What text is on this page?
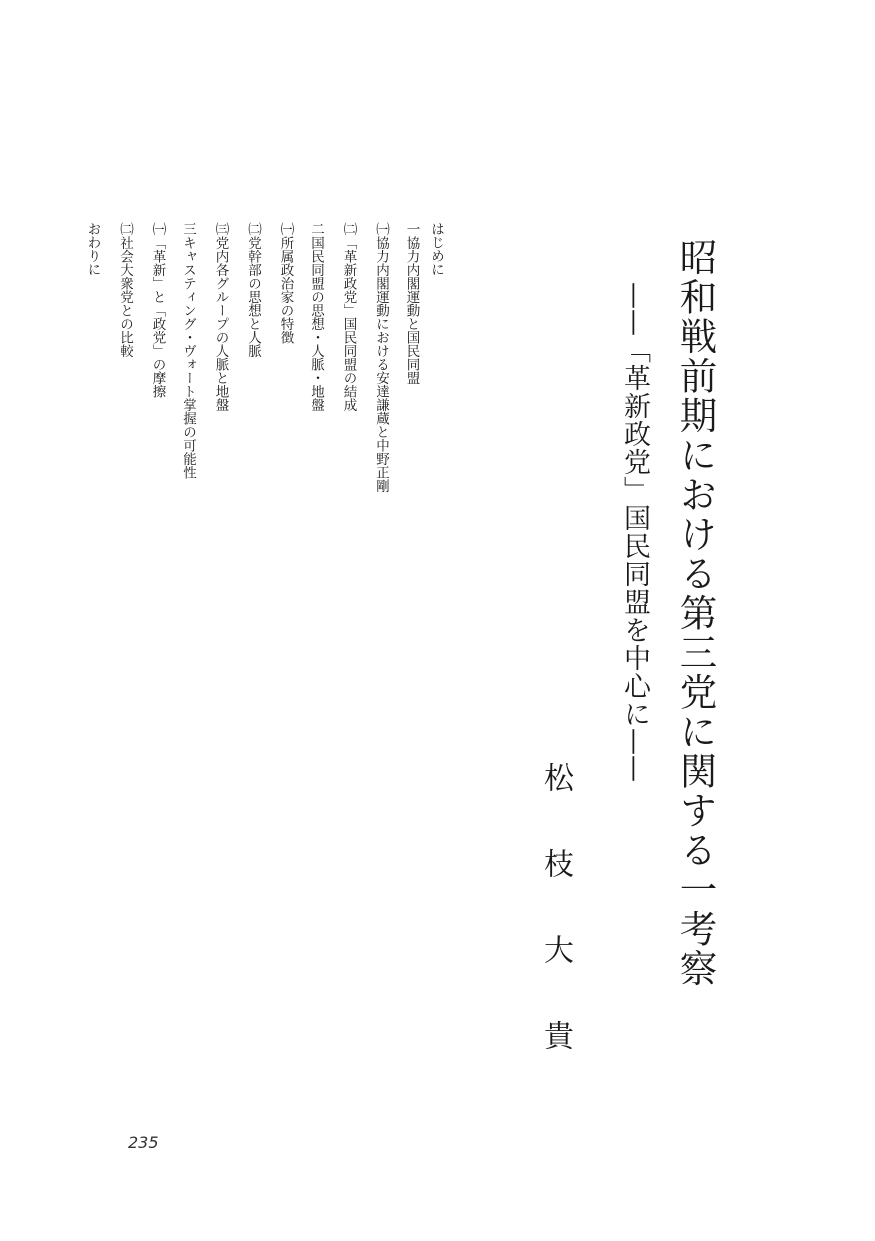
昭和戦前期における第三党に関する一考察
——「革新政党」国民同盟を中心に——
松枝大貴
はじめに
一協力内閣運動と国民同盟
㈠協力内閣運動における安達謙蔵と中野正剛
㈡「革新政党」国民同盟の結成
二国民同盟の思想・人脈・地盤
㈠所属政治家の特徴
㈡党幹部の思想と人脈
㈢党内各グループの人脈と地盤
三キャスティング・ヴォート掌握の可能性
㈠「革新」と「政党」の摩擦
㈡社会大衆党との比較
おわりに
235
